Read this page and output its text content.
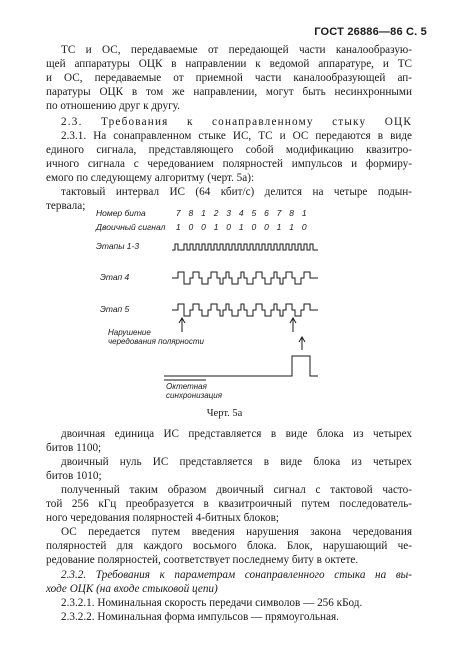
ГОСТ 26886—86 С. 5
ТС и ОС, передаваемые от передающей части каналообразую-
щей аппаратуры ОЦК в направлении к ведомой аппаратуре, и ТС
и ОС, передаваемые от приемной части каналообразующей ап-
паратуры ОЦК в том же направлении, могут быть несинхронными
по отношению друг к другу.
2.3. Требования к сонаправленному стыку ОЦК
2.3.1. На сонаправленном стыке ИС, ТС и ОС передаются в виде
единого сигнала, представляющего собой модификацию квазитро-
ичного сигнала с чередованием полярностей импульсов и формиру-
емого по следующему алгоритму (черт. 5а):
тактовый интервал ИС (64 кбит/с) делится на четыре подын-
тервала;
Номер бита	7 8 1 2 3 4 5 6 7 8 1
Двоичный сигнал	1 0 0 1 0 1 0 0 1 1 0
Этапы 1-3
Этап 4
Этап 5
Нарушение
чередования полярности
Октетная
синхронизация
Черт. 5а
двоичная единица ИС представляется в виде блока из четырех
битов 1100;
двоичный нуль ИС представляется в виде блока из четырех
битов 1010;
полученный таким образом двоичный сигнал с тактовой часто-
той 256 кГц преобразуется в квазитроичный путем последователь-
ного чередования полярностей 4-битных блоков;
ОС передается путем введения нарушения закона чередования
полярностей для каждого восьмого блока. Блок, нарушающий че-
редование полярностей, соответствует последнему биту в октете.
2.3.2. Требования к параметрам сонаправленного стыка на вы-
ходе ОЦК (на входе стыковой цепи)
2.3.2.1. Номинальная скорость передачи символов — 256 кБод.
2.3.2.2. Номинальная форма импульсов — прямоугольная.
